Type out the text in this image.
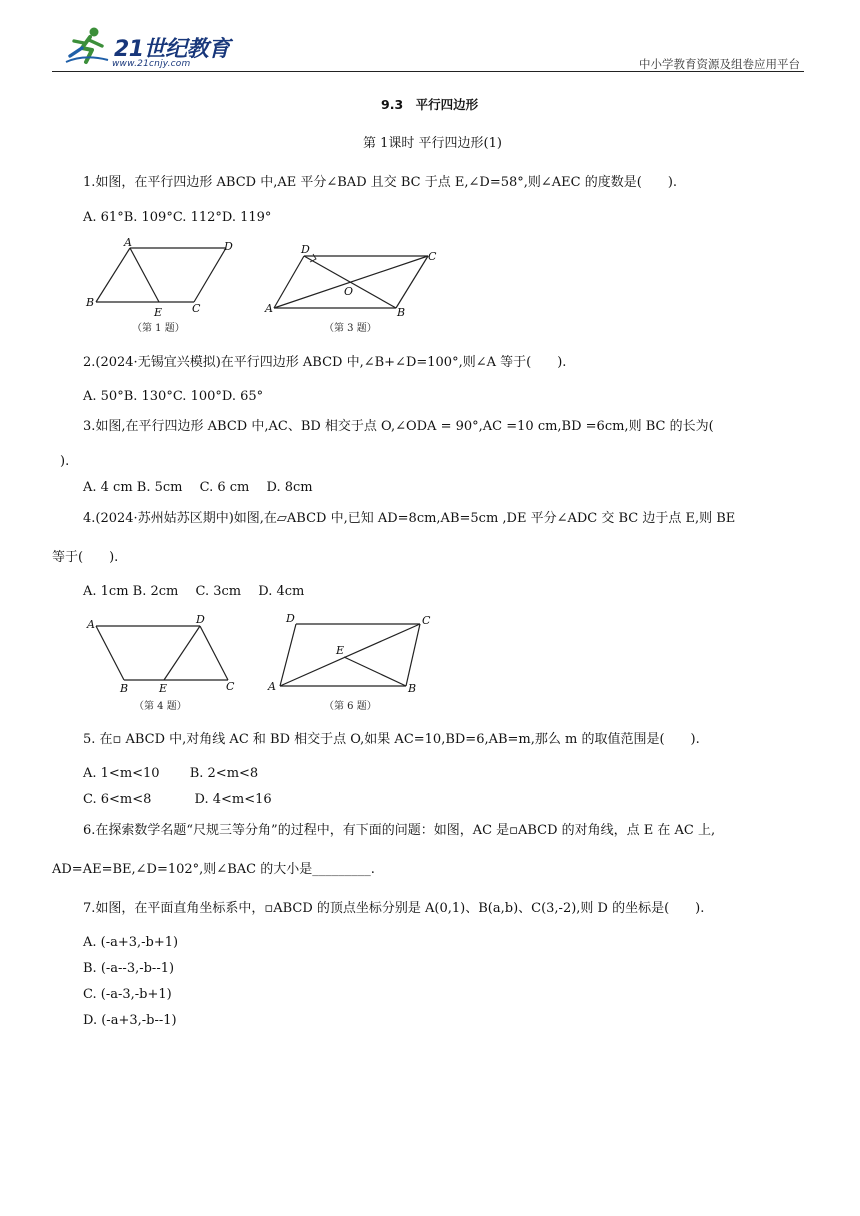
21世纪教育
www.21cnjy.com	中小学教育资源及组卷应用平台
9.3　平行四边形
第 1课时 平行四边形(1)
1.如图，在平行四边形 ABCD 中,AE 平分∠BAD 且交 BC 于点 E,∠D=58°,则∠AEC 的度数是(　　).
A. 61°B. 109°C. 112°D. 119°
A	D
B
E	C
（第 1 题）
D
C
O
A	B
（第 3 题）
2.(2024·无锡宜兴模拟)在平行四边形 ABCD 中,∠B+∠D=100°,则∠A 等于(　　).
A. 50°B. 130°C. 100°D. 65°
3.如图,在平行四边形 ABCD 中,AC、BD 相交于点 O,∠ODA = 90°,AC =10 cm,BD =6cm,则 BC 的长为(
).
A. 4 cm B. 5cm　 C. 6 cm　 D. 8cm
4.(2024·苏州姑苏区期中)如图,在▱ABCD 中,已知 AD=8cm,AB=5cm ,DE 平分∠ADC 交 BC 边于点 E,则 BE
等于(　　).
A. 1cm B. 2cm　 C. 3cm　 D. 4cm
A	D
B	E	C
（第 4 题）
D	C
E
A	B
（第 6 题）
5. 在▫ ABCD 中,对角线 AC 和 BD 相交于点 O,如果 AC=10,BD=6,AB=m,那么 m 的取值范围是(　　).
A. 1<m<10　　 B. 2<m<8
C. 6<m<8　　　 D. 4<m<16
6.在探索数学名题“尺规三等分角”的过程中，有下面的问题：如图，AC 是▫ABCD 的对角线，点 E 在 AC 上,
AD=AE=BE,∠D=102°,则∠BAC 的大小是_________.
7.如图，在平面直角坐标系中，▫ABCD 的顶点坐标分别是 A(0,1)、B(a,b)、C(3,-2),则 D 的坐标是(　　).
A. (-a+3,-b+1)
B. (-a--3,-b--1)
C. (-a-3,-b+1)
D. (-a+3,-b--1)
